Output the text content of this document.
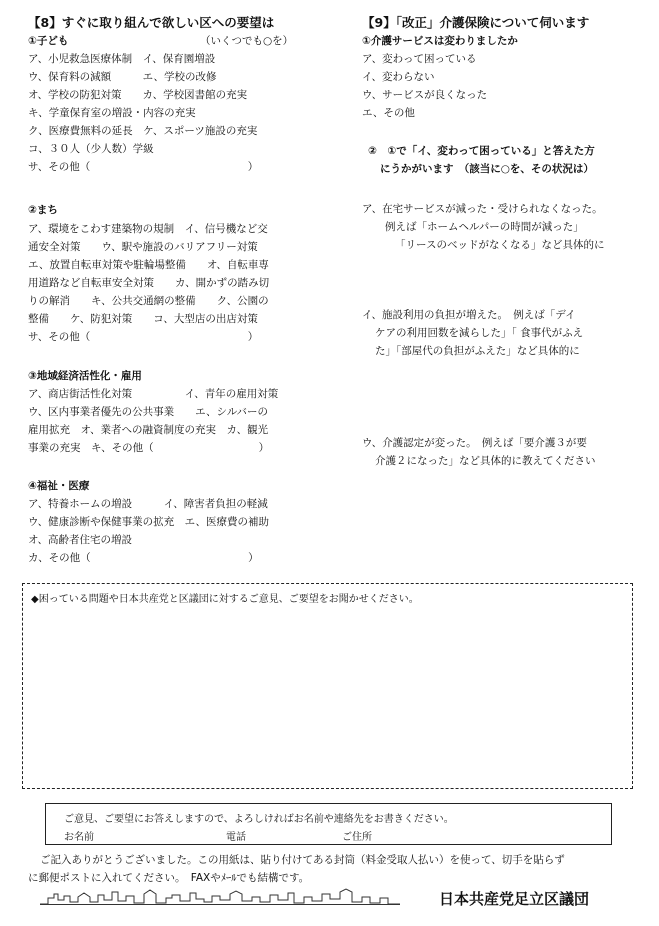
【8】すぐに取り組んで欲しい区への要望は
①子ども	（いくつでも○を）
ア、小児救急医療体制　イ、保育園増設
ウ、保育料の減額　　　エ、学校の改修
オ、学校の防犯対策　　カ、学校図書館の充実
キ、学童保育室の増設・内容の充実
ク、医療費無料の延長　ケ、スポーツ施設の充実
コ、３０人（少人数）学級
サ、その他（　　　　　　　　　　　　　　　）
②まち
ア、環境をこわす建築物の規制　イ、信号機など交
通安全対策　　ウ、駅や施設のバリアフリー対策
エ、放置自転車対策や駐輪場整備　　オ、自転車専
用道路など自転車安全対策　　カ、開かずの踏み切
りの解消　　キ、公共交通網の整備　　ク、公園の
整備　　ケ、防犯対策　　コ、大型店の出店対策
サ、その他（　　　　　　　　　　　　　　　）
③地域経済活性化・雇用
ア、商店街活性化対策　　　　　イ、青年の雇用対策
ウ、区内事業者優先の公共事業　　エ、シルバーの
雇用拡充　オ、業者への融資制度の充実　カ、観光
事業の充実　キ、その他（　　　　　　　　　　）
④福祉・医療
ア、特養ホームの増設　　　イ、障害者負担の軽減
ウ、健康診断や保健事業の拡充　エ、医療費の補助
オ、高齢者住宅の増設
カ、その他（　　　　　　　　　　　　　　　）
【9】「改正」介護保険について伺います
①介護サービスは変わりましたか
ア、変わって困っている
イ、変わらない
ウ、サービスが良くなった
エ、その他
②　①で「イ、変わって困っている」と答えた方
にうかがいます　（該当に○を、その状況は）
ア、在宅サービスが減った・受けられなくなった。
例えば「ホームヘルパーの時間が減った」
「リースのベッドがなくなる」など具体的に
イ、施設利用の負担が増えた。　例えば「デイ
ケアの利用回数を減らした」「 食事代がふえ
た」「部屋代の負担がふえた」など具体的に
ウ、介護認定が変った。　例えば「要介護３が要
介護２になった」など具体的に教えてください
◆困っている問題や日本共産党と区議団に対するご意見、ご要望をお聞かせください。
ご意見、ご要望にお答えしますので、よろしければお名前や連絡先をお書きください。
お名前	電話	ご住所
ご記入ありがとうございました。この用紙は、貼り付けてある封筒（料金受取人払い）を使って、切手を貼らず
に郵便ポストに入れてください。　FAXやﾒｰﾙでも結構です。
日本共産党足立区議団
